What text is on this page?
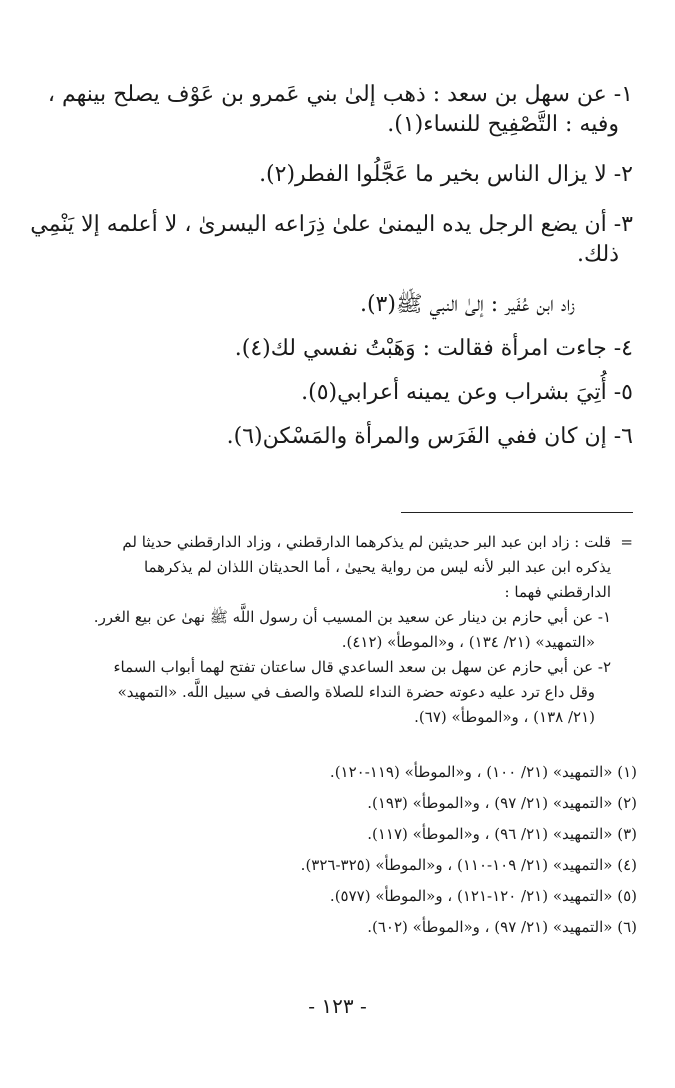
١- عن سهل بن سعد : ذهب إلىٰ بني عَمرو بن عَوْف يصلح بينهم ،

وفيه : التَّصْفِيح للنساء(١).

٢- لا يزال الناس بخير ما عَجَّلُوا الفطر(٢).

٣- أن يضع الرجل يده اليمنىٰ علىٰ ذِرَاعه اليسرىٰ ، لا أعلمه إلا يَنْمِي

ذلك.

زاد ابن عُفَير : إلىٰ النبي ﷺ(٣).

٤- جاءت امرأة فقالت : وَهَبْتُ نفسي لك(٤).

٥- أُتِيَ بشراب وعن يمينه أعرابي(٥).

٦- إن كان ففي الفَرَس والمرأة والمَسْكن(٦).

=قلت : زاد ابن عبد البر حديثين لم يذكرهما الدارقطني ، وزاد الدارقطني حديثا لم

يذكره ابن عبد البر لأنه ليس من رواية يحيىٰ ، أما الحديثان اللذان لم يذكرهما

الدارقطني فهما :

١- عن أبي حازم بن دينار عن سعيد بن المسيب أن رسول اللَّه ﷺ نهىٰ عن بيع الغرر.

«التمهيد» (٢١/ ١٣٤) ، و«الموطأ» (٤١٢).

٢- عن أبي حازم عن سهل بن سعد الساعدي قال ساعتان تفتح لهما أبواب السماء

وقل داع ترد عليه دعوته حضرة النداء للصلاة والصف في سبيل اللَّه. «التمهيد»

(٢١/ ١٣٨) ، و«الموطأ» (٦٧).

(١) «التمهيد» (٢١/ ١٠٠) ، و«الموطأ» (١١٩-١٢٠).

(٢) «التمهيد» (٢١/ ٩٧) ، و«الموطأ» (١٩٣).

(٣) «التمهيد» (٢١/ ٩٦) ، و«الموطأ» (١١٧).

(٤) «التمهيد» (٢١/ ١٠٩-١١٠) ، و«الموطأ» (٣٢٥-٣٢٦).

(٥) «التمهيد» (٢١/ ١٢٠-١٢١) ، و«الموطأ» (٥٧٧).

(٦) «التمهيد» (٢١/ ٩٧) ، و«الموطأ» (٦٠٢).

- ١٢٣ -
